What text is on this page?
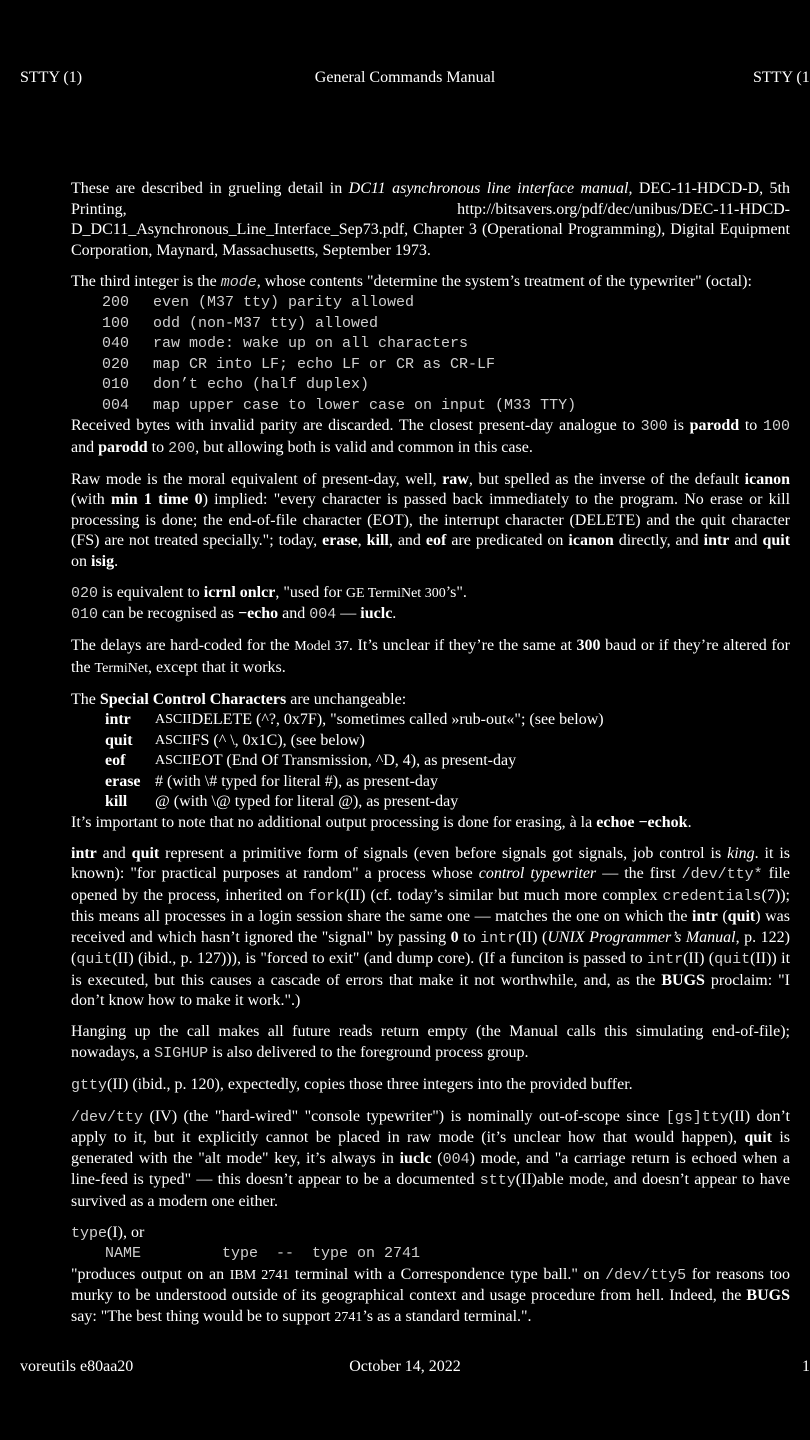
STTY (1)	General Commands Manual	STTY (1

These are described in grueling detail in DC11 asynchronous line interface manual, DEC-11-HDCD-D, 5th Printing, http://bitsavers.org/pdf/dec/unibus/DEC-11-HDCD-D_DC11_Asynchronous_Line_Interface_Sep73.pdf, Chapter 3 (Operational Programming), Digital Equipment Corporation, Maynard, Massachusetts, September 1973.

The third integer is the mode, whose contents "determine the system’s treatment of the typewriter" (octal):

200	even (M37 tty) parity allowed
100	odd (non-M37 tty) allowed
040	raw mode: wake up on all characters
020	map CR into LF; echo LF or CR as CR-LF
010	don’t echo (half duplex)
004	map upper case to lower case on input (M33 TTY)

Received bytes with invalid parity are discarded. The closest present-day analogue to 300 is parodd to 100 and parodd to 200, but allowing both is valid and common in this case.

Raw mode is the moral equivalent of present-day, well, raw, but spelled as the inverse of the default icanon (with min 1 time 0) implied: "every character is passed back immediately to the program. No erase or kill processing is done; the end-of-file character (EOT), the interrupt character (DELETE) and the quit character (FS) are not treated specially."; today, erase, kill, and eof are predicated on icanon directly, and intr and quit on isig.

020 is equivalent to icrnl onlcr, "used for GE TermiNet 300’s".
010 can be recognised as −echo and 004 — iuclc.

The delays are hard-coded for the Model 37. It’s unclear if they’re the same at 300 baud or if they’re altered for the TermiNet, except that it works.

The Special Control Characters are unchangeable:

intr	ASCII DELETE (^?, 0x7F), "sometimes called »rub-out«"; (see below)
quit	ASCII FS (^ \, 0x1C), (see below)
eof	ASCII EOT (End Of Transmission, ^D, 4), as present-day
erase # (with \# typed for literal #), as present-day
kill	@ (with \@ typed for literal @), as present-day

It’s important to note that no additional output processing is done for erasing, à la echoe −echok.

intr and quit represent a primitive form of signals (even before signals got signals, job control is king. it is known): "for practical purposes at random" a process whose control typewriter — the first /dev/tty* file opened by the process, inherited on fork(II) (cf. today’s similar but much more complex credentials(7)); this means all processes in a login session share the same one — matches the one on which the intr (quit) was received and which hasn’t ignored the "signal" by passing 0 to intr(II) (UNIX Programmer’s Manual, p. 122) (quit(II) (ibid., p. 127))), is "forced to exit" (and dump core). (If a funciton is passed to intr(II) (quit(II)) it is executed, but this causes a cascade of errors that make it not worthwhile, and, as the BUGS proclaim: "I don’t know how to make it work.".)

Hanging up the call makes all future reads return empty (the Manual calls this simulating end-of-file); nowadays, a SIGHUP is also delivered to the foreground process group.

gtty(II) (ibid., p. 120), expectedly, copies those three integers into the provided buffer.

/dev/tty (IV) (the "hard-wired" "console typewriter") is nominally out-of-scope since [gs]tty(II) don’t apply to it, but it explicitly cannot be placed in raw mode (it’s unclear how that would happen), quit is generated with the "alt mode" key, it’s always in iuclc (004) mode, and "a carriage return is echoed when a line-feed is typed" — this doesn’t appear to be a documented stty(II)able mode, and doesn’t appear to have survived as a modern one either.

type(I), or

NAME         type  --  type on 2741

"produces output on an IBM 2741 terminal with a Correspondence type ball." on /dev/tty5 for reasons too murky to be understood outside of its geographical context and usage procedure from hell. Indeed, the BUGS say: "The best thing would be to support 2741’s as a standard terminal.".

voreutils e80aa20	October 14, 2022	1
